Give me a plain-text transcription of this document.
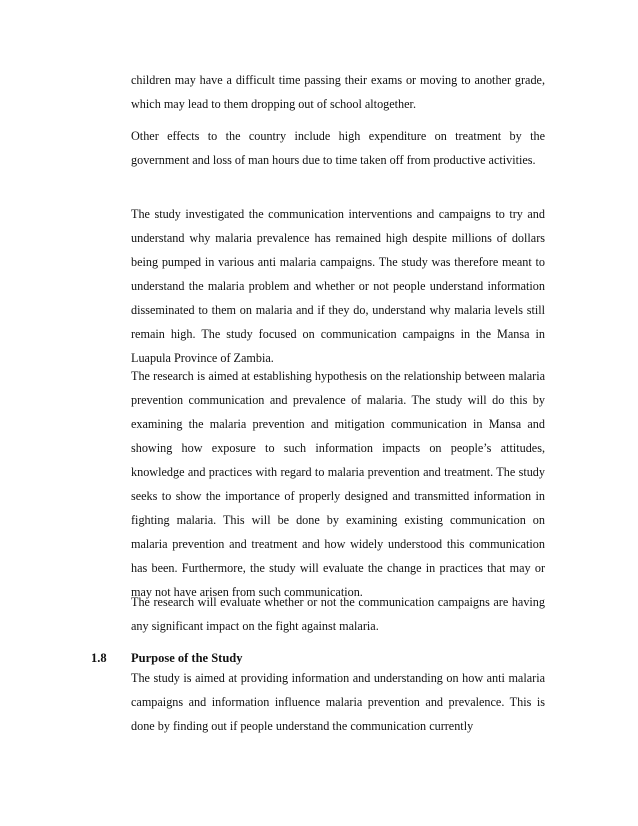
children may have a difficult time passing their exams or moving to another grade, which may lead to them dropping out of school altogether.

Other effects to the country include high expenditure on treatment by the government and loss of man hours due to time taken off from productive activities.

The study investigated the communication interventions and campaigns to try and understand why malaria prevalence has remained high despite millions of dollars being pumped in various anti malaria campaigns. The study was therefore meant to understand the malaria problem and whether or not people understand information disseminated to them on malaria and if they do, understand why malaria levels still remain high. The study focused on communication campaigns in the Mansa in Luapula Province of Zambia.

The research is aimed at establishing hypothesis on the relationship between malaria prevention communication and prevalence of malaria. The study will do this by examining the malaria prevention and mitigation communication in Mansa and showing how exposure to such information impacts on people’s attitudes, knowledge and practices with regard to malaria prevention and treatment. The study seeks to show the importance of properly designed and transmitted information in fighting malaria. This will be done by examining existing communication on malaria prevention and treatment and how widely understood this communication has been. Furthermore, the study will evaluate the change in practices that may or may not have arisen from such communication.

The research will evaluate whether or not the communication campaigns are having any significant impact on the fight against malaria.

1.8 Purpose of the Study

The study is aimed at providing information and understanding on how anti malaria campaigns and information influence malaria prevention and prevalence. This is done by finding out if people understand the communication currently
